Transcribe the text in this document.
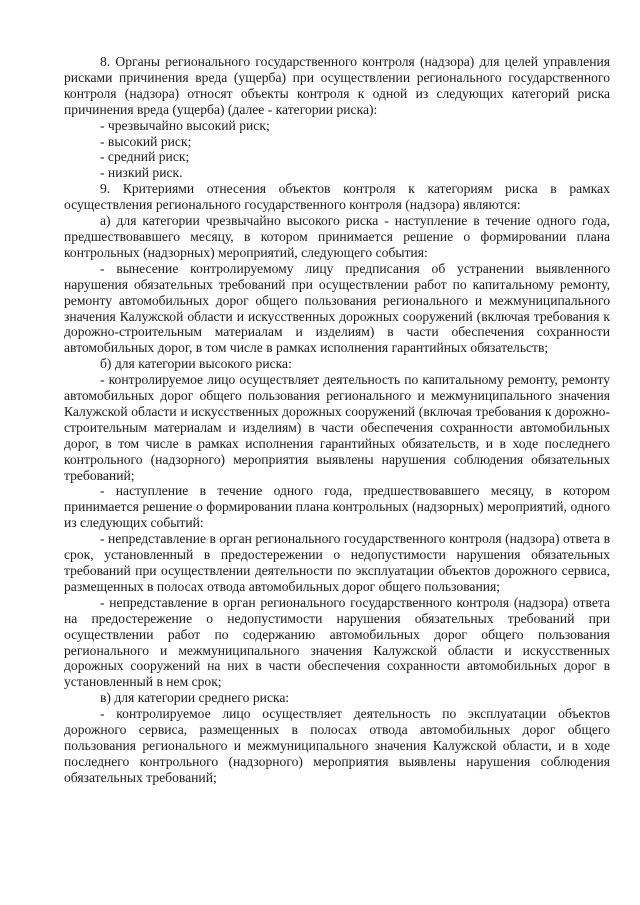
8. Органы регионального государственного контроля (надзора) для целей управления рисками причинения вреда (ущерба) при осуществлении регионального государственного контроля (надзора) относят объекты контроля к одной из следующих категорий риска причинения вреда (ущерба) (далее - категории риска):

- чрезвычайно высокий риск;

- высокий риск;

- средний риск;

- низкий риск.

9. Критериями отнесения объектов контроля к категориям риска в рамках осуществления регионального государственного контроля (надзора) являются:

а) для категории чрезвычайно высокого риска - наступление в течение одного года, предшествовавшего месяцу, в котором принимается решение о формировании плана контрольных (надзорных) мероприятий, следующего события:

- вынесение контролируемому лицу предписания об устранении выявленного нарушения обязательных требований при осуществлении работ по капитальному ремонту, ремонту автомобильных дорог общего пользования регионального и межмуниципального значения Калужской области и искусственных дорожных сооружений (включая требования к дорожно-строительным материалам и изделиям) в части обеспечения сохранности автомобильных дорог, в том числе в рамках исполнения гарантийных обязательств;

б) для категории высокого риска:

- контролируемое лицо осуществляет деятельность по капитальному ремонту, ремонту автомобильных дорог общего пользования регионального и межмуниципального значения Калужской области и искусственных дорожных сооружений (включая требования к дорожно-строительным материалам и изделиям) в части обеспечения сохранности автомобильных дорог, в том числе в рамках исполнения гарантийных обязательств, и в ходе последнего контрольного (надзорного) мероприятия выявлены нарушения соблюдения обязательных требований;

- наступление в течение одного года, предшествовавшего месяцу, в котором принимается решение о формировании плана контрольных (надзорных) мероприятий, одного из следующих событий:

- непредставление в орган регионального государственного контроля (надзора) ответа в срок, установленный в предостережении о недопустимости нарушения обязательных требований при осуществлении деятельности по эксплуатации объектов дорожного сервиса, размещенных в полосах отвода автомобильных дорог общего пользования;

- непредставление в орган регионального государственного контроля (надзора) ответа на предостережение о недопустимости нарушения обязательных требований при осуществлении работ по содержанию автомобильных дорог общего пользования регионального и межмуниципального значения Калужской области и искусственных дорожных сооружений на них в части обеспечения сохранности автомобильных дорог в установленный в нем срок;

в) для категории среднего риска:

- контролируемое лицо осуществляет деятельность по эксплуатации объектов дорожного сервиса, размещенных в полосах отвода автомобильных дорог общего пользования регионального и межмуниципального значения Калужской области, и в ходе последнего контрольного (надзорного) мероприятия выявлены нарушения соблюдения обязательных требований;
